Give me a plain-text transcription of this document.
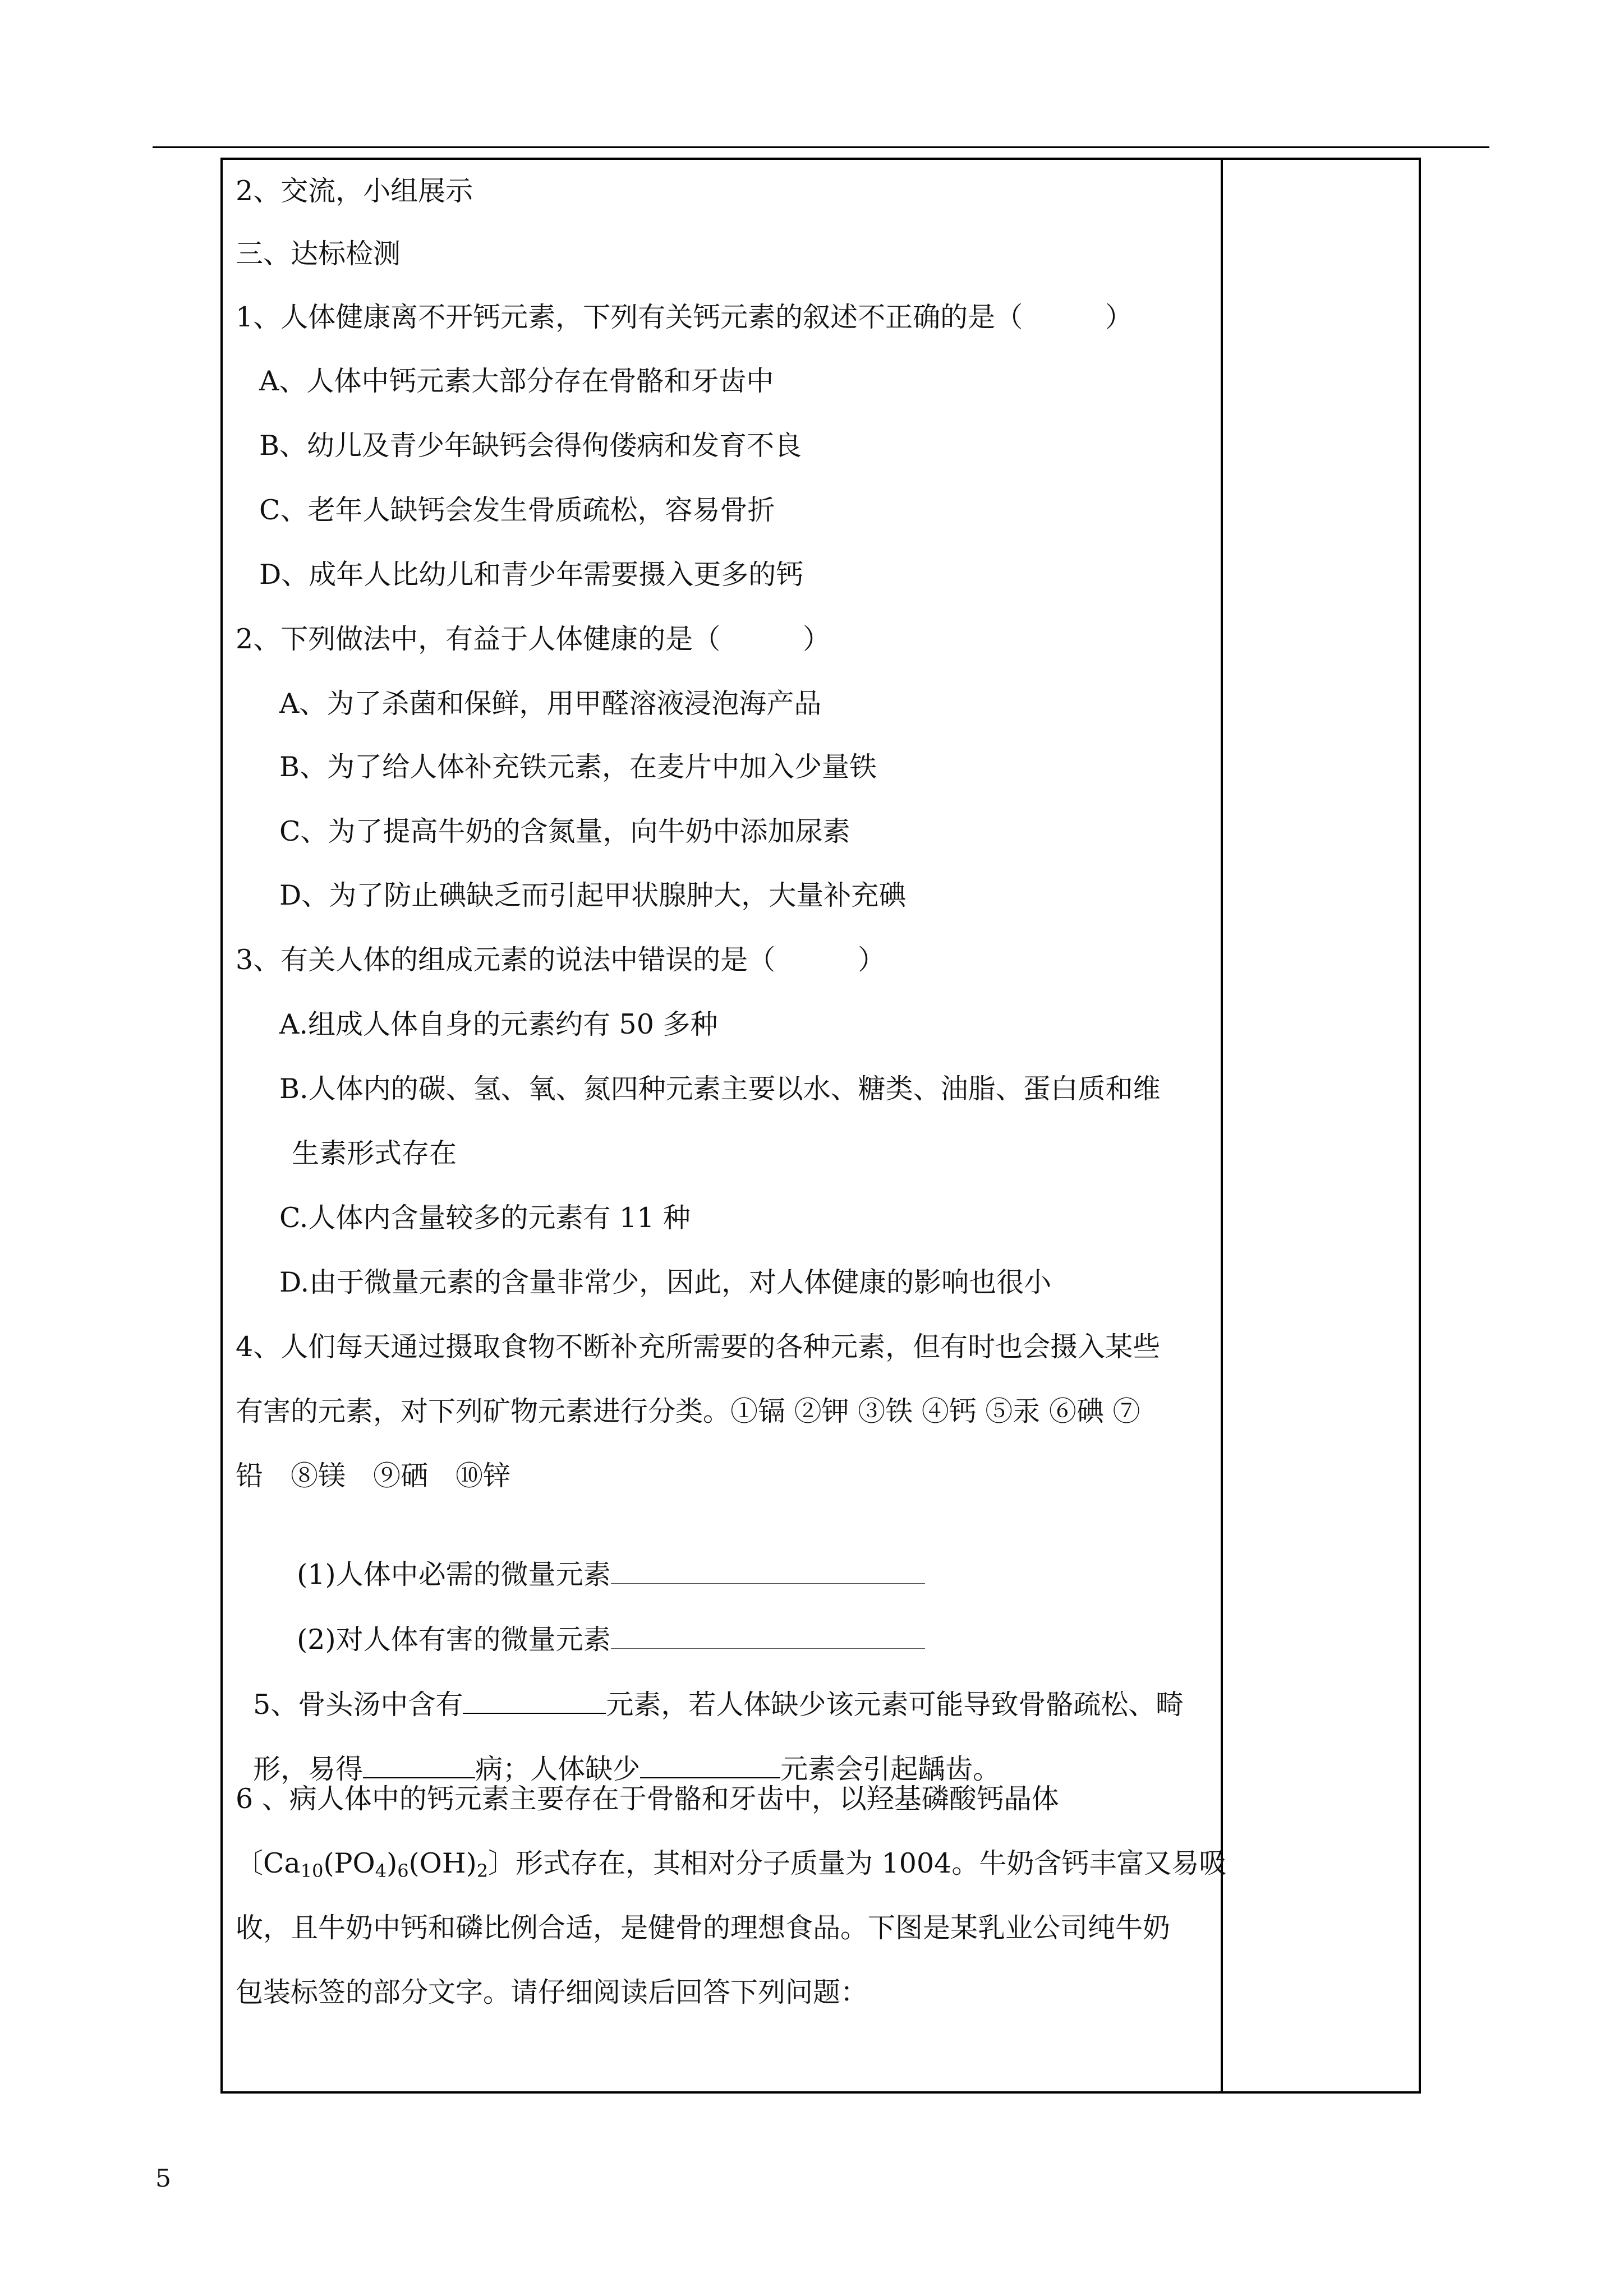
2、交流，小组展示
三、达标检测
1、人体健康离不开钙元素，下列有关钙元素的叙述不正确的是（　　　）
A、人体中钙元素大部分存在骨骼和牙齿中
B、幼儿及青少年缺钙会得佝偻病和发育不良
C、老年人缺钙会发生骨质疏松，容易骨折
D、成年人比幼儿和青少年需要摄入更多的钙
2、下列做法中，有益于人体健康的是（　　　）
A、为了杀菌和保鲜，用甲醛溶液浸泡海产品
B、为了给人体补充铁元素，在麦片中加入少量铁
C、为了提高牛奶的含氮量，向牛奶中添加尿素
D、为了防止碘缺乏而引起甲状腺肿大，大量补充碘
3、有关人体的组成元素的说法中错误的是（　　　）
A.组成人体自身的元素约有 50 多种
B.人体内的碳、氢、氧、氮四种元素主要以水、糖类、油脂、蛋白质和维
生素形式存在
C.人体内含量较多的元素有 11 种
D.由于微量元素的含量非常少，因此，对人体健康的影响也很小
4、人们每天通过摄取食物不断补充所需要的各种元素，但有时也会摄入某些
有害的元素，对下列矿物元素进行分类。①镉 ②钾 ③铁 ④钙 ⑤汞 ⑥碘 ⑦
铅　⑧镁　⑨硒　⑩锌

(1)人体中必需的微量元素

(2)对人体有害的微量元素

5、骨头汤中含有	元素，若人体缺少该元素可能导致骨骼疏松、畸

形，易得	病；人体缺少	元素会引起龋齿。

6 、病人体中的钙元素主要存在于骨骼和牙齿中，以羟基磷酸钙晶体
〔$Ca_{10}(PO_4)_6(OH)_2$〕形式存在，其相对分子质量为 1004。牛奶含钙丰富又易吸
收，且牛奶中钙和磷比例合适，是健骨的理想食品。下图是某乳业公司纯牛奶
包装标签的部分文字。请仔细阅读后回答下列问题：
5
